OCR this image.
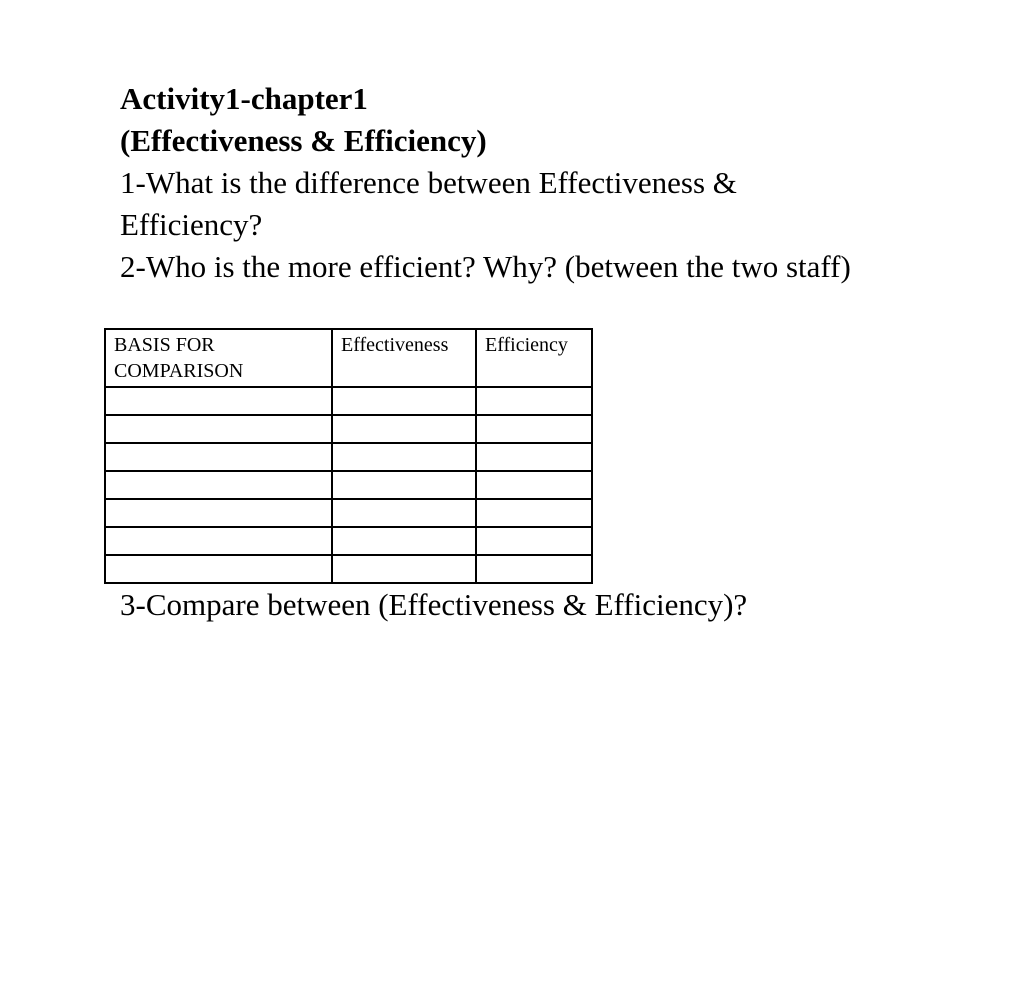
Activity1-chapter1

(Effectiveness & Efficiency)

1-What is the difference between Effectiveness & Efficiency?

2-Who is the more efficient? Why? (between the two staff)

BASIS FOR COMPARISON	Effectiveness	Efficiency

3-Compare between (Effectiveness & Efficiency)?
